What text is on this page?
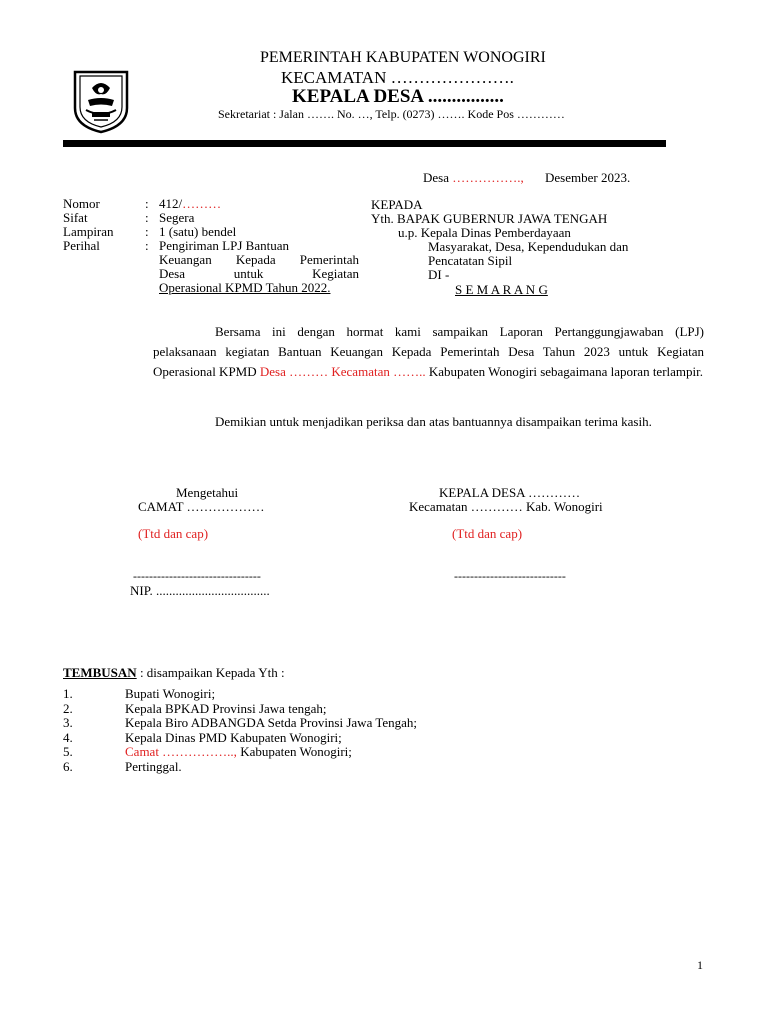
PEMERINTAH KABUPATEN WONOGIRI
KECAMATAN ………………….
KEPALA DESA ................
Sekretariat : Jalan ……. No. …, Telp. (0273) ……. Kode Pos …………
Desa ……………., Desember 2023.
Nomor	: 412/………
Sifat	: Segera
Lampiran : 1 (satu) bendel
Perihal	: Pengiriman LPJ Bantuan
Keuangan Kepada Pemerintah
Desa untuk Kegiatan
Operasional KPMD Tahun 2022.
KEPADA
Yth. BAPAK GUBERNUR JAWA TENGAH
u.p. Kepala Dinas Pemberdayaan
Masyarakat, Desa, Kependudukan dan
Pencatatan Sipil
DI -
S E M A R A N G
Bersama ini dengan hormat kami sampaikan Laporan Pertanggungjawaban (LPJ) pelaksanaan kegiatan Bantuan Keuangan Kepada Pemerintah Desa Tahun 2023 untuk Kegiatan Operasional KPMD Desa ……… Kecamatan …….. Kabupaten Wonogiri sebagaimana laporan terlampir.
Demikian untuk menjadikan periksa dan atas bantuannya disampaikan terima kasih.
Mengetahui
CAMAT ………………
(Ttd dan cap)
--------------------------------
NIP. ...................................
KEPALA DESA …………
Kecamatan ………… Kab. Wonogiri
(Ttd dan cap)
----------------------------
TEMBUSAN : disampaikan Kepada Yth :
1.	Bupati Wonogiri;
2.	Kepala BPKAD Provinsi Jawa tengah;
3.	Kepala Biro ADBANGDA Setda Provinsi Jawa Tengah;
4.	Kepala Dinas PMD Kabupaten Wonogiri;
5.	Camat …………….., Kabupaten Wonogiri;
6.	Pertinggal.
1
